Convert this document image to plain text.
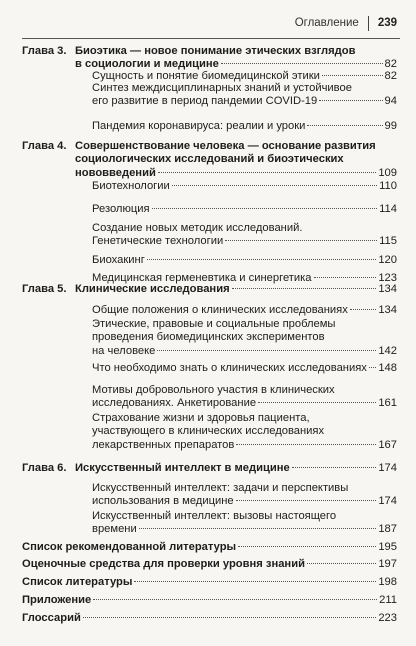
Оглавление 239
Глава 3. Биоэтика — новое понимание этических взглядов
в социологии и медицине	82
Сущность и понятие биомедицинской этики	82
Синтез междисциплинарных знаний и устойчивое
его развитие в период пандемии COVID-19	94
Пандемия коронавируса: реалии и уроки	99
Глава 4. Совершенствование человека — основание развития
социологических исследований и биоэтических
нововведений	109
Биотехнологии	110
Резолюция	114
Создание новых методик исследований.
Генетические технологии	115
Биохакинг	120
Медицинская герменевтика и синергетика	123
Глава 5. Клинические исследования	134
Общие положения о клинических исследованиях	134
Этические, правовые и социальные проблемы
проведения биомедицинских экспериментов
на человеке	142
Что необходимо знать о клинических исследованиях 148
Мотивы добровольного участия в клинических
исследованиях. Анкетирование	161
Страхование жизни и здоровья пациента,
участвующего в клинических исследованиях
лекарственных препаратов	167
Глава 6. Искусственный интеллект в медицине	174
Искусственный интеллект: задачи и перспективы
использования в медицине	174
Искусственный интеллект: вызовы настоящего
времени	187
Список рекомендованной литературы	195
Оценочные средства для проверки уровня знаний	197
Список литературы	198
Приложение	211
Глоссарий	223
